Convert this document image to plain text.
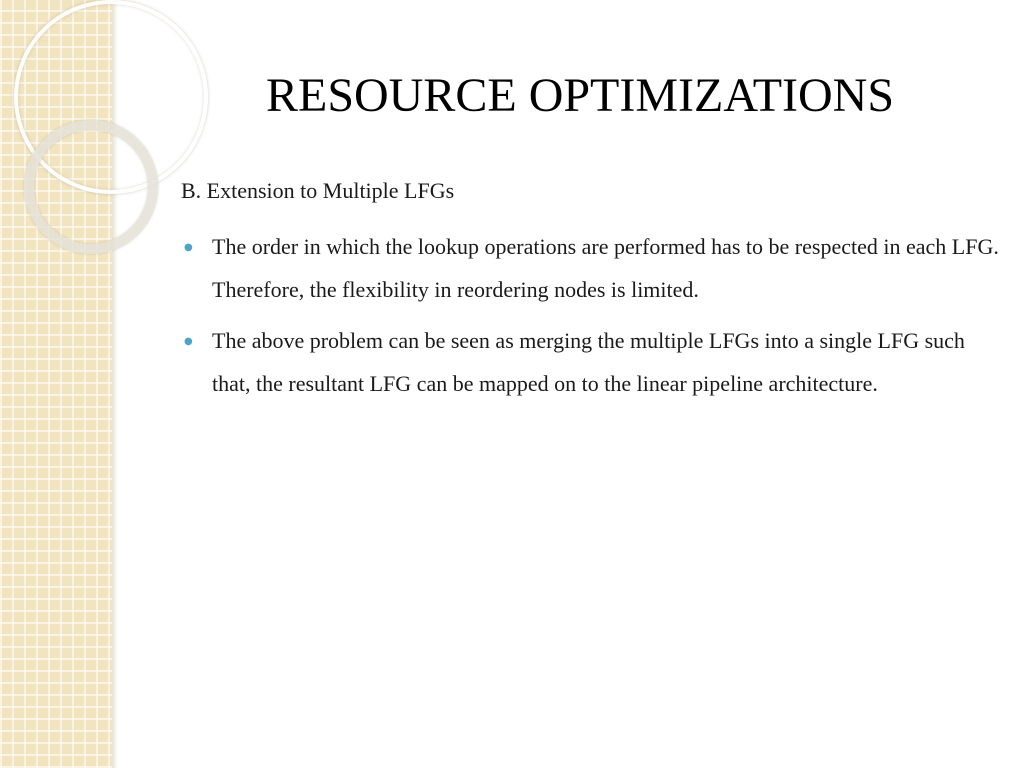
RESOURCE OPTIMIZATIONS
B. Extension to Multiple LFGs
The order in which the lookup operations are performed has to be respected in each LFG. Therefore, the flexibility in reordering nodes is limited.
The above problem can be seen as merging the multiple LFGs into a single LFG such that, the resultant LFG can be mapped on to the linear pipeline architecture.
